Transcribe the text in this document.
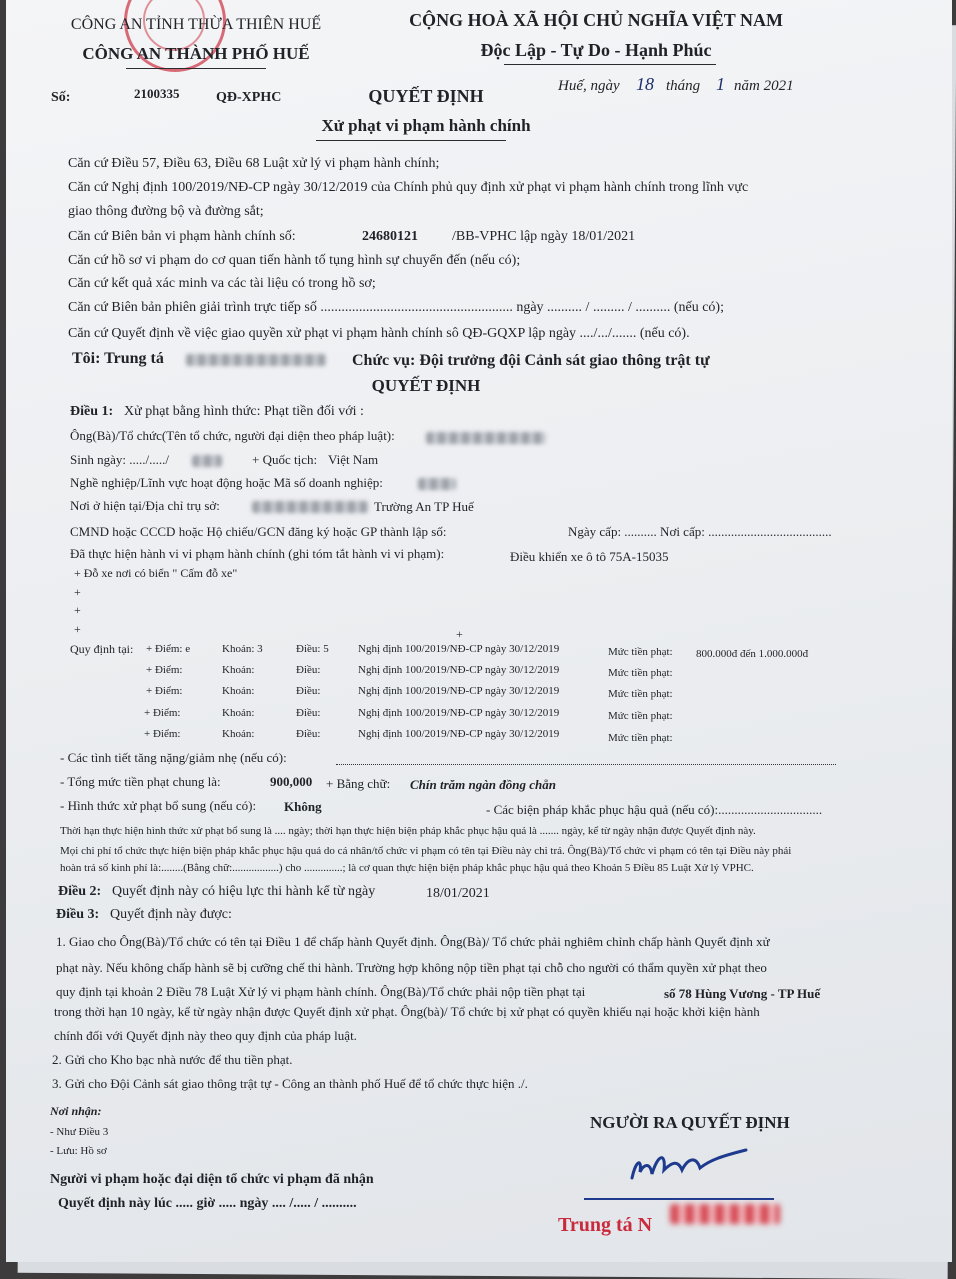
CÔNG AN TỈNH THỪA THIÊN HUẾ
CÔNG AN THÀNH PHỐ HUẾ
Số:	2100335	QĐ-XPHC
CỘNG HOÀ XÃ HỘI CHỦ NGHĨA VIỆT NAM
Độc Lập - Tự Do - Hạnh Phúc
Huế, ngày 18 tháng 1 năm 2021
QUYẾT ĐỊNH
Xử phạt vi phạm hành chính
Căn cứ Điều 57, Điều 63, Điều 68 Luật xử lý vi phạm hành chính;
Căn cứ Nghị định 100/2019/NĐ-CP ngày 30/12/2019 của Chính phủ quy định xử phạt vi phạm hành chính trong lĩnh vực
giao thông đường bộ và đường sắt;
Căn cứ Biên bản vi phạm hành chính số:	24680121 /BB-VPHC lập ngày 18/01/2021
Căn cứ hồ sơ vi phạm do cơ quan tiến hành tố tụng hình sự chuyển đến (nếu có);
Căn cứ kết quả xác minh va các tài liệu có trong hồ sơ;
Căn cứ Biên bản phiên giải trình trực tiếp số ....................................................... ngày .......... / ......... / .......... (nếu có);
Căn cứ Quyết định về việc giao quyền xử phạt vi phạm hành chính sô QĐ-GQXP lập ngày ..../.../....... (nếu có).
Tôi: Trung tá	Chức vụ: Đội trưởng đội Cảnh sát giao thông trật tự
QUYẾT ĐỊNH
Điều 1: Xử phạt bằng hình thức: Phạt tiền đối với :
Ông(Bà)/Tổ chức(Tên tổ chức, người đại diện theo pháp luật):
Sinh ngày: ...../...../	+ Quốc tịch: Việt Nam
Nghề nghiệp/Lĩnh vực hoạt động hoặc Mã số doanh nghiệp:
Nơi ở hiện tại/Địa chỉ trụ sở:	Trường An TP Huế
CMND hoặc CCCD hoặc Hộ chiếu/GCN đăng ký hoặc GP thành lập số:	Ngày cấp: .......... Nơi cấp: ......................................
Đã thực hiện hành vi vi phạm hành chính (ghi tóm tắt hành vi vi phạm):	Điều khiển xe ô tô 75A-15035
+ Đỗ xe nơi có biển " Cấm đỗ xe"
+
+
+	+
Quy định tại: + Điểm: e	Khoản: 3	Điều: 5	Nghị định 100/2019/NĐ-CP ngày 30/12/2019	Mức tiền phạt: 800.000đ đến 1.000.000đ
+ Điểm:	Khoản:	Điều:	Nghị định 100/2019/NĐ-CP ngày 30/12/2019	Mức tiền phạt:
+ Điểm:	Khoản:	Điều:	Nghị định 100/2019/NĐ-CP ngày 30/12/2019	Mức tiền phạt:
+ Điểm:	Khoản:	Điều:	Nghị định 100/2019/NĐ-CP ngày 30/12/2019	Mức tiền phạt:
+ Điểm:	Khoản:	Điều:	Nghị định 100/2019/NĐ-CP ngày 30/12/2019	Mức tiền phạt:
- Các tình tiết tăng nặng/giảm nhẹ (nếu có):
- Tổng mức tiền phạt chung là:	900,000 + Bằng chữ: Chín trăm ngàn đồng chẵn
- Hình thức xử phạt bổ sung (nếu có): Không	- Các biện pháp khắc phục hậu quả (nếu có):................................
Thời hạn thực hiện hình thức xử phạt bổ sung là .... ngày; thời hạn thực hiện biện pháp khắc phục hậu quả là ....... ngày, kể từ ngày nhận được Quyết định này.
Mọi chi phí tổ chức thực hiện biện pháp khắc phục hậu quả do cá nhân/tổ chức vi phạm có tên tại Điều này chi trả. Ông(Bà)/Tổ chức vi phạm có tên tại Điều này phải
hoàn trả số kinh phí là:........(Bằng chữ:.................) cho ..............; là cơ quan thực hiện biện pháp khắc phục hậu quả theo Khoản 5 Điều 85 Luật Xử lý VPHC.
Điều 2: Quyết định này có hiệu lực thi hành kể từ ngày	18/01/2021
Điều 3: Quyết định này được:
1. Giao cho Ông(Bà)/Tổ chức có tên tại Điều 1 để chấp hành Quyết định. Ông(Bà)/ Tổ chức phải nghiêm chỉnh chấp hành Quyết định xử
phạt này. Nếu không chấp hành sẽ bị cưỡng chế thi hành. Trường hợp không nộp tiền phạt tại chỗ cho người có thẩm quyền xử phạt theo
quy định tại khoản 2 Điều 78 Luật Xử lý vi phạm hành chính. Ông(Bà)/Tổ chức phải nộp tiền phạt tại	số 78 Hùng Vương - TP Huế
trong thời hạn 10 ngày, kể từ ngày nhận được Quyết định xử phạt. Ông(bà)/ Tổ chức bị xử phạt có quyền khiếu nại hoặc khởi kiện hành
chính đối với Quyết định này theo quy định của pháp luật.
2. Gửi cho Kho bạc nhà nước để thu tiền phạt.
3. Gửi cho Đội Cảnh sát giao thông trật tự - Công an thành phố Huế để tổ chức thực hiện ./.
Nơi nhận:
- Như Điều 3
- Lưu: Hồ sơ
Người vi phạm hoặc đại diện tổ chức vi phạm đã nhận
Quyết định này lúc ..... giờ ..... ngày .... /..... / ..........
NGƯỜI RA QUYẾT ĐỊNH
Trung tá N
